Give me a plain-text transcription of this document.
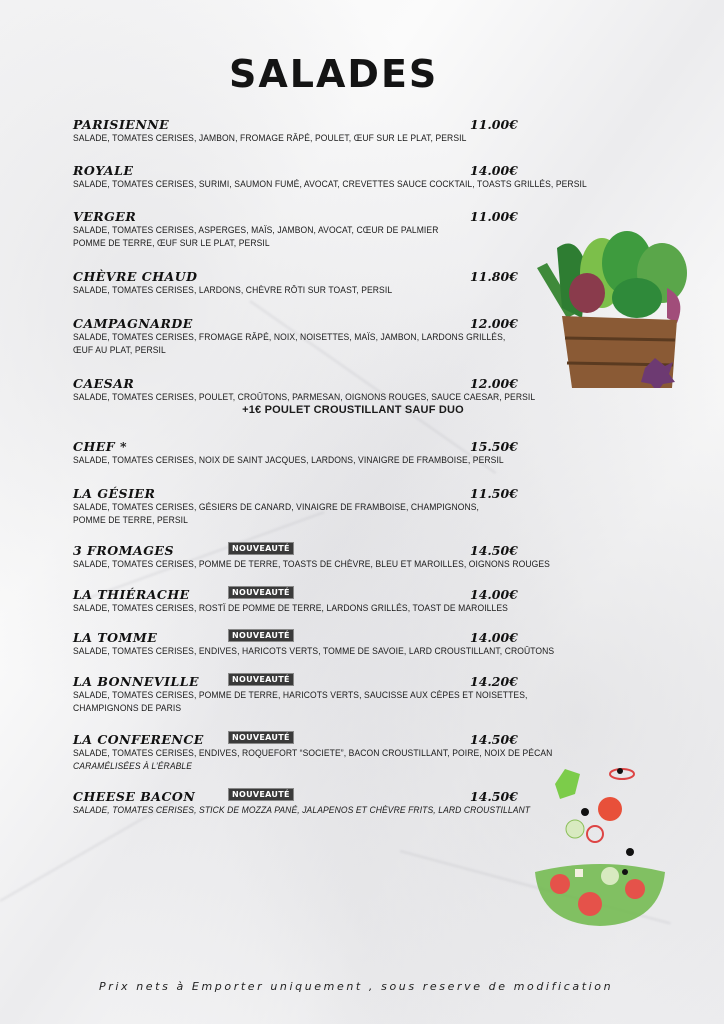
SALADES
PARISIENNE	11.00€
SALADE, TOMATES CERISES, JAMBON, FROMAGE RÂPÉ, POULET, ŒUF SUR LE PLAT, PERSIL
ROYALE	14.00€
SALADE, TOMATES CERISES, SURIMI, SAUMON FUMÉ, AVOCAT, CREVETTES SAUCE COCKTAIL, TOASTS GRILLÉS, PERSIL
VERGER	11.00€
SALADE, TOMATES CERISES, ASPERGES, MAÏS, JAMBON, AVOCAT, CŒUR DE PALMIER
POMME DE TERRE, ŒUF SUR LE PLAT, PERSIL
CHÈVRE CHAUD	11.80€
SALADE, TOMATES CERISES, LARDONS, CHÈVRE RÔTI SUR TOAST, PERSIL
CAMPAGNARDE	12.00€
SALADE, TOMATES CERISES, FROMAGE RÂPÉ, NOIX, NOISETTES, MAÏS, JAMBON, LARDONS GRILLÉS,
ŒUF AU PLAT, PERSIL
CAESAR	12.00€
SALADE, TOMATES CERISES, POULET, CROÛTONS, PARMESAN, OIGNONS ROUGES, SAUCE CAESAR, PERSIL
+1€ POULET CROUSTILLANT SAUF DUO
CHEF *	15.50€
SALADE, TOMATES CERISES, NOIX DE SAINT JACQUES, LARDONS, VINAIGRE DE FRAMBOISE, PERSIL
LA GÉSIER	11.50€
SALADE, TOMATES CERISES, GÉSIERS DE CANARD, VINAIGRE DE FRAMBOISE, CHAMPIGNONS,
POMME DE TERRE, PERSIL
3 FROMAGES	NOUVEAUTÉ	14.50€
SALADE, TOMATES CERISES, POMME DE TERRE, TOASTS DE CHÈVRE, BLEU ET MAROILLES, OIGNONS ROUGES
LA THIÉRACHE	NOUVEAUTÉ	14.00€
SALADE, TOMATES CERISES, ROSTÏ DE POMME DE TERRE, LARDONS GRILLÉS, TOAST DE MAROILLES
LA TOMME	NOUVEAUTÉ	14.00€
SALADE, TOMATES CERISES, ENDIVES, HARICOTS VERTS, TOMME DE SAVOIE, LARD CROUSTILLANT, CROÛTONS
LA BONNEVILLE	NOUVEAUTÉ	14.20€
SALADE, TOMATES CERISES, POMME DE TERRE, HARICOTS VERTS, SAUCISSE AUX CÈPES ET NOISETTES,
CHAMPIGNONS DE PARIS
LA CONFERENCE	NOUVEAUTÉ	14.50€
SALADE, TOMATES CERISES, ENDIVES, ROQUEFORT “SOCIETE”, BACON CROUSTILLANT, POIRE, NOIX DE PÉCAN
CARAMÉLISÉES À L’ÉRABLE
CHEESE BACON	NOUVEAUTÉ	14.50€
SALADE, TOMATES CERISES, STICK DE MOZZA PANÉ, JALAPENOS ET CHÈVRE FRITS, LARD CROUSTILLANT
Prix nets à Emporter uniquement , sous reserve de modification
